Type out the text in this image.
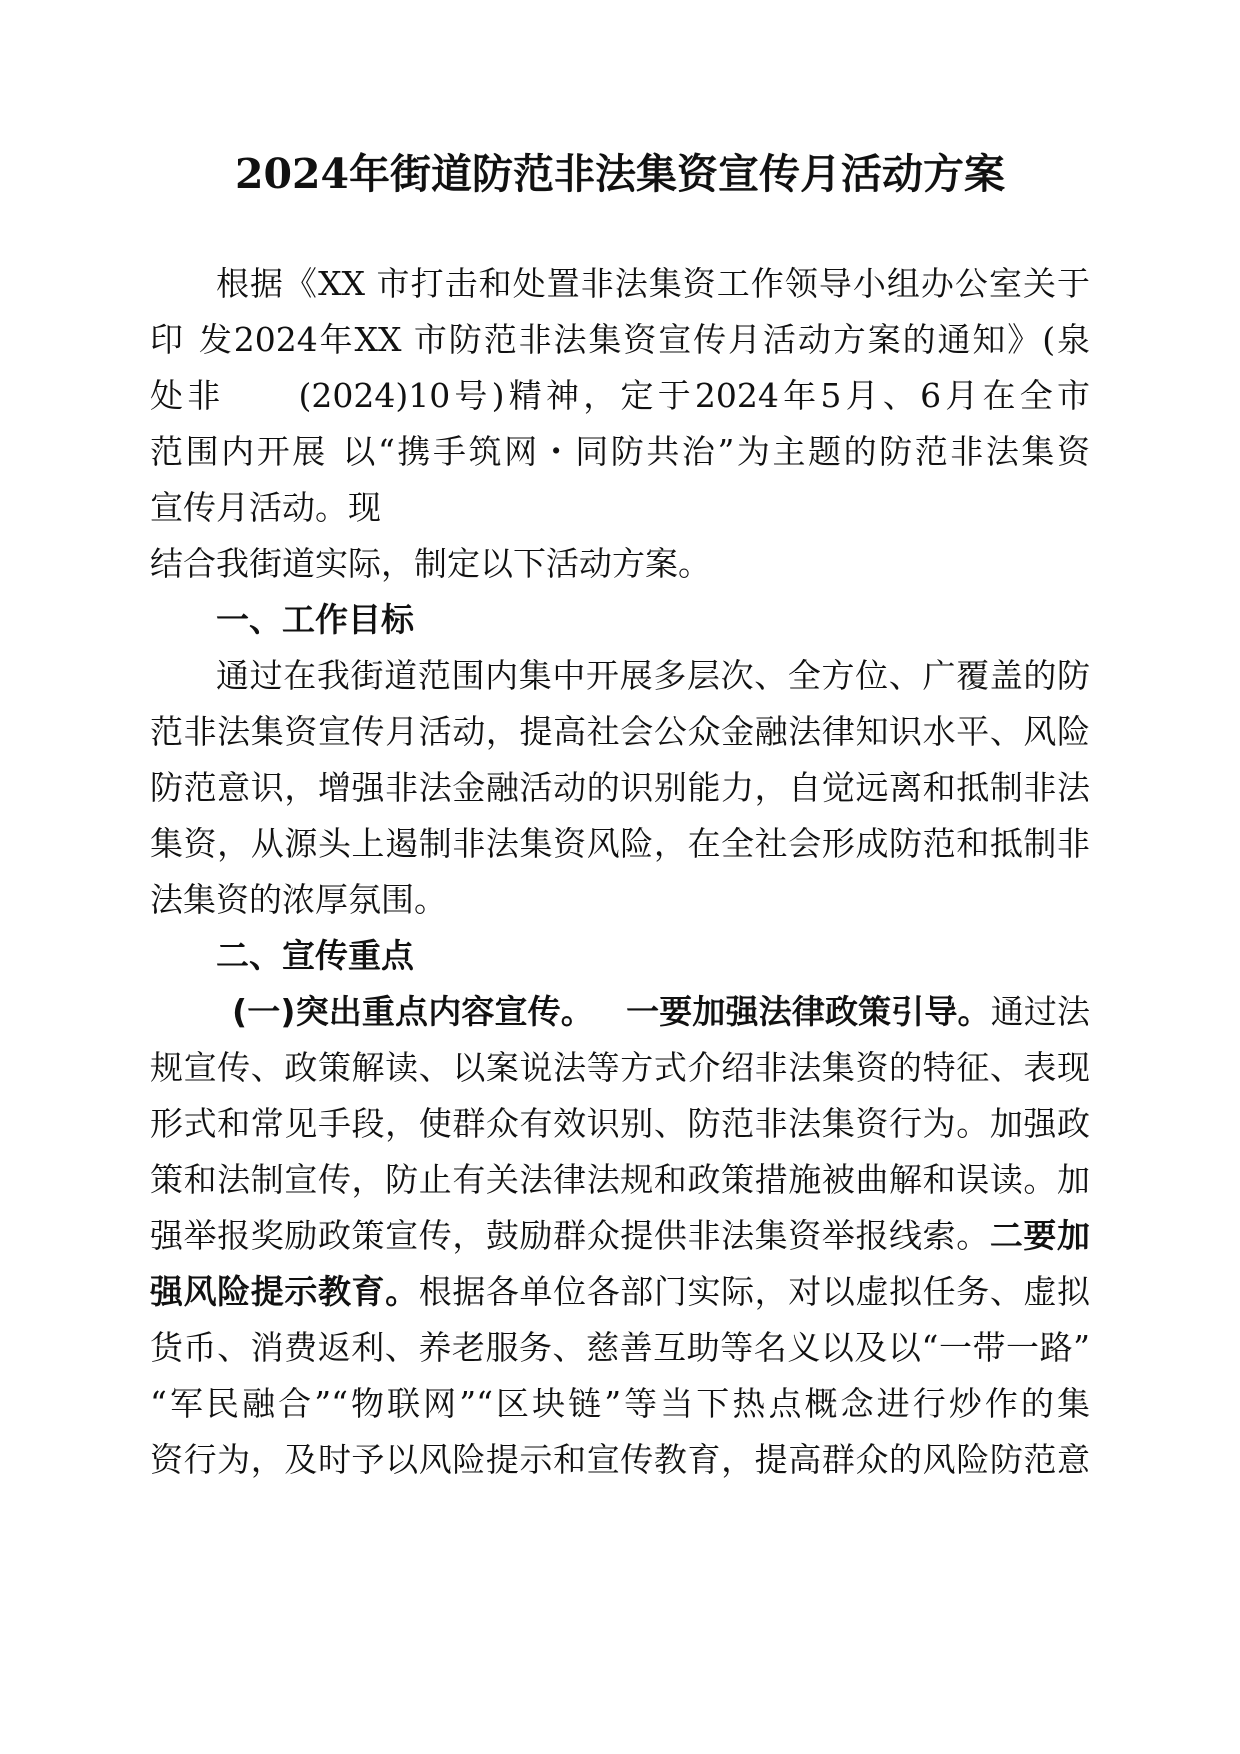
2024年街道防范非法集资宣传月活动方案
根据《XX 市打击和处置非法集资工作领导小组办公室关于
印 发2024年XX 市防范非法集资宣传月活动方案的通知》(泉
处非 (2024)10号)精神，定于2024年5月、6月在全市
范围内开展 以“携手筑网・同防共治”为主题的防范非法集资
宣传月活动。现
结合我街道实际，制定以下活动方案。
一、工作目标
通过在我街道范围内集中开展多层次、全方位、广覆盖的防
范非法集资宣传月活动，提高社会公众金融法律知识水平、风险
防范意识，增强非法金融活动的识别能力，自觉远离和抵制非法
集资，从源头上遏制非法集资风险，在全社会形成防范和抵制非
法集资的浓厚氛围。
二、宣传重点
(一)突出重点内容宣传。 一要加强法律政策引导。通过法
规宣传、政策解读、以案说法等方式介绍非法集资的特征、表现
形式和常见手段，使群众有效识别、防范非法集资行为。加强政
策和法制宣传，防止有关法律法规和政策措施被曲解和误读。加
强举报奖励政策宣传，鼓励群众提供非法集资举报线索。二要加
强风险提示教育。根据各单位各部门实际，对以虚拟任务、虚拟
货币、消费返利、养老服务、慈善互助等名义以及以“一带一路”
“军民融合”“物联网”“区块链”等当下热点概念进行炒作的集
资行为，及时予以风险提示和宣传教育，提高群众的风险防范意
